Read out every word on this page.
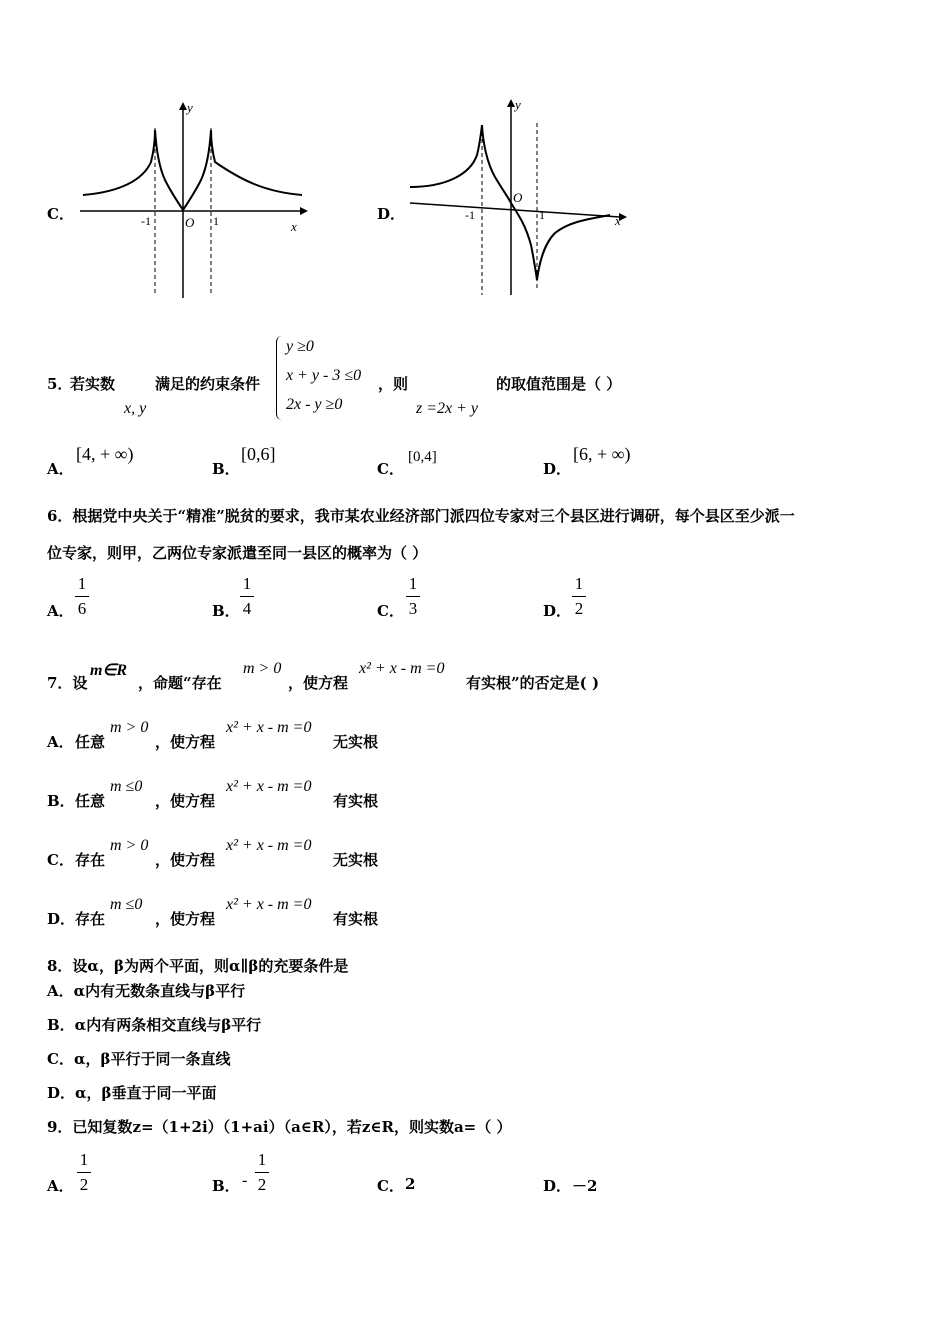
C．
y
x
O
-1	1	D．
y
x
O
-1	1
5．
若实数
x, y
满足的约束条件
y ≥0
x + y - 3 ≤0
2x - y ≥0
，则
z =2x + y
的取值范围是（ ）
A．
[4, + ∞)
B．
[0,6]
C．
[0,4]
D．
[6, + ∞)
6．根据党中央关于“精准”脱贫的要求，我市某农业经济部门派四位专家对三个县区进行调研，每个县区至少派一
位专家，则甲，乙两位专家派遣至同一县区的概率为（ ）
A．
1
6	B．
1
4	C．
1
3	D．
1
2
7．设
m∈R
，命题“存在
m > 0
，使方程
x² + x - m =0
有实根”的否定是( )
A． 任意
m > 0
，使方程
x² + x - m =0
无实根
B． 任意
m ≤0
，使方程
x² + x - m =0
有实根
C． 存在
m > 0
，使方程
x² + x - m =0
无实根
D． 存在
m ≤0
，使方程
x² + x - m =0
有实根
8．设α，β为两个平面，则α∥β的充要条件是
A．α内有无数条直线与β平行
B．α内有两条相交直线与β平行
C．α，β平行于同一条直线
D．α，β垂直于同一平面
9．已知复数z=（1+2i）（1+ai）（a∈R），若z∈R，则实数a=（ ）
A．
1
2	B． -
1
2	C． 2	D． －2
